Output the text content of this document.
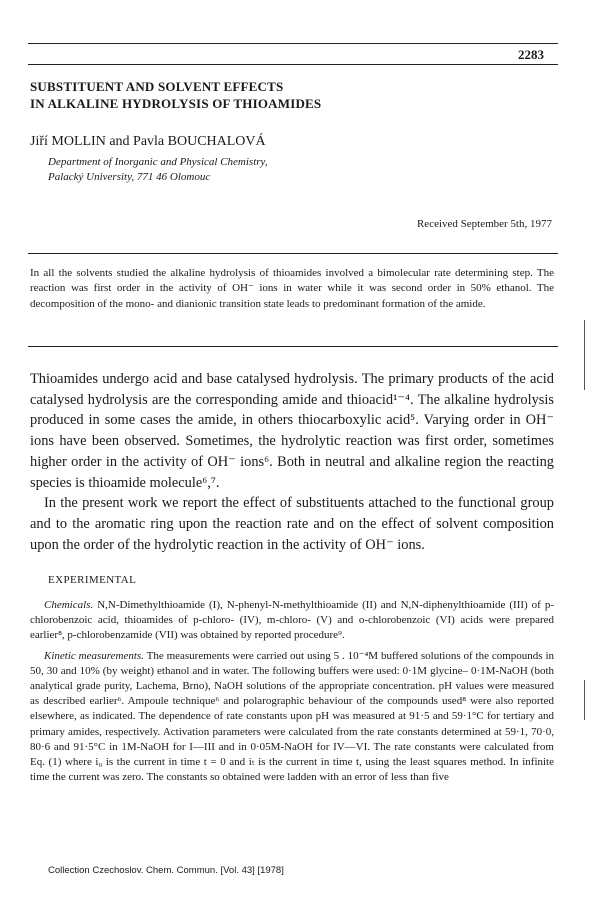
2283
SUBSTITUENT AND SOLVENT EFFECTS
IN ALKALINE HYDROLYSIS OF THIOAMIDES
Jiří MOLLIN and Pavla BOUCHALOVÁ
Department of Inorganic and Physical Chemistry,
Palacký University, 771 46 Olomouc
Received September 5th, 1977
In all the solvents studied the alkaline hydrolysis of thioamides involved a bimolecular rate determining step. The reaction was first order in the activity of OH⁻ ions in water while it was second order in 50% ethanol. The decomposition of the mono- and dianionic transition state leads to predominant formation of the amide.

Thioamides undergo acid and base catalysed hydrolysis. The primary products of the acid catalysed hydrolysis are the corresponding amide and thioacid¹⁻⁴. The alkaline hydrolysis produced in some cases the amide, in others thiocarboxylic acid⁵. Varying order in OH⁻ ions have been observed. Sometimes, the hydrolytic reaction was first order, sometimes higher order in the activity of OH⁻ ions⁶. Both in neutral and alkaline region the reacting species is thioamide molecule⁶,⁷.

In the present work we report the effect of substituents attached to the functional group and to the aromatic ring upon the reaction rate and on the effect of solvent composition upon the order of the hydrolytic reaction in the activity of OH⁻ ions.

EXPERIMENTAL

Chemicals. N,N-Dimethylthioamide (I), N-phenyl-N-methylthioamide (II) and N,N-diphenylthioamide (III) of p-chlorobenzoic acid, thioamides of p-chloro- (IV), m-chloro- (V) and o-chlorobenzoic (VI) acids were prepared earlier⁸, p-chlorobenzamide (VII) was obtained by reported procedure⁹.

Kinetic measurements. The measurements were carried out using 5 . 10⁻⁴M buffered solutions of the compounds in 50, 30 and 10% (by weight) ethanol and in water. The following buffers were used: 0·1M glycine– 0·1M-NaOH (both analytical grade purity, Lachema, Brno), NaOH solutions of the appropriate concentration. pH values were measured as described earlier⁶. Ampoule technique⁶ and polarographic behaviour of the compounds used⁸ were also reported elsewhere, as indicated. The dependence of rate constants upon pH was measured at 91·5 and 59·1°C for tertiary and primary amides, respectively. Activation parameters were calculated from the rate constants determined at 59·1, 70·0, 80·6 and 91·5°C in 1M-NaOH for I—III and in 0·05M-NaOH for IV—VI. The rate constants were calculated from Eq. (1) where i₀ is the current in time t = 0 and iₜ is the current in time t, using the least squares method. In infinite time the current was zero. The constants so obtained were ladden with an error of less than five

Collection Czechoslov. Chem. Commun. [Vol. 43] [1978]
